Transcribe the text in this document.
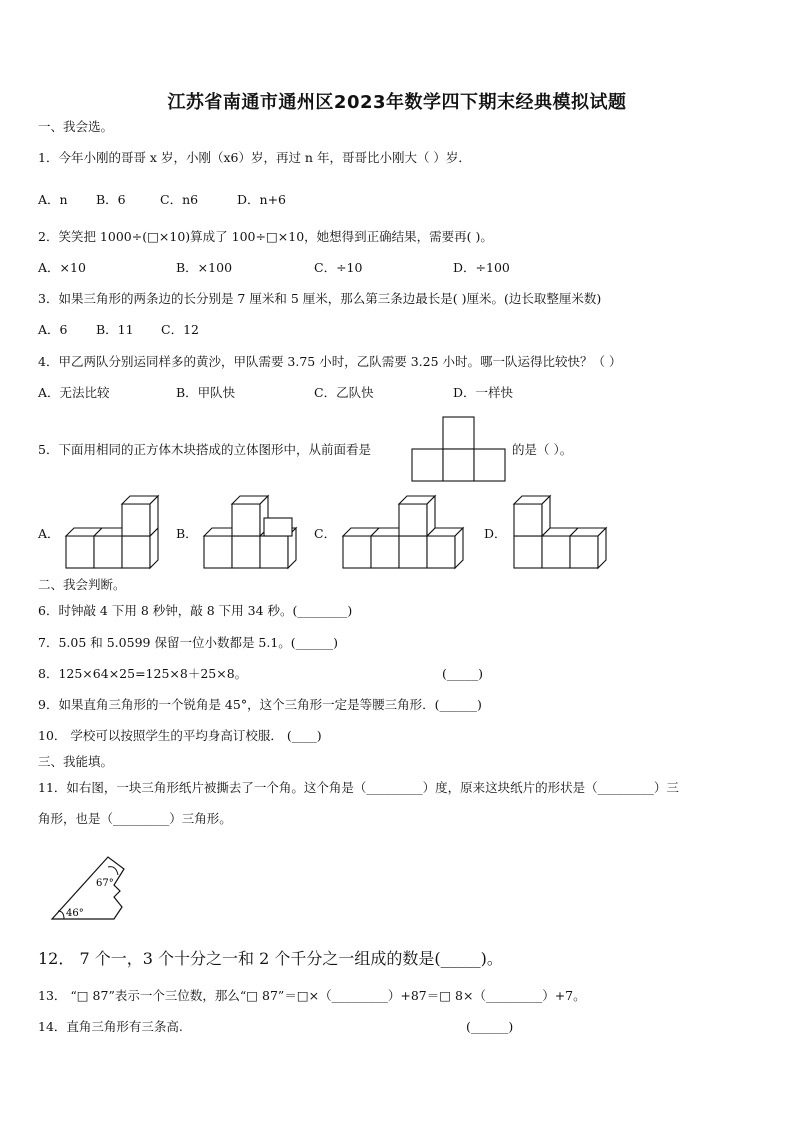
江苏省南通市通州区2023年数学四下期末经典模拟试题
一、我会选。
1．今年小刚的哥哥 x 岁，小刚（x6）岁，再过 n 年，哥哥比小刚大（ ）岁．
A．n B．6	C．n6	D．n+6
2．笑笑把 1000÷(□×10)算成了 100÷□×10，她想得到正确结果，需要再( )。
A．×10	B．×100	C．÷10	D．÷100
3．如果三角形的两条边的长分别是 7 厘米和 5 厘米，那么第三条边最长是( )厘米。(边长取整厘米数)
A．6 B．11 C．12
4．甲乙两队分别运同样多的黄沙，甲队需要 3.75 小时，乙队需要 3.25 小时。哪一队运得比较快？（ ）
A．无法比较	B．甲队快	C．乙队快	D．一样快
5．下面用相同的正方体木块搭成的立体图形中，从前面看是	的是（ ）。
A．	B．	C．	D．
二、我会判断。
6．时钟敲 4 下用 8 秒钟，敲 8 下用 34 秒。(________)
7．5.05 和 5.0599 保留一位小数都是 5.1。(______)
8．125×64×25=125×8＋25×8。	(_____)
9．如果直角三角形的一个锐角是 45°，这个三角形一定是等腰三角形．(______)
10． 学校可以按照学生的平均身高订校服． (____)
三、我能填。
11．如右图，一块三角形纸片被撕去了一个角。这个角是（_________）度，原来这块纸片的形状是（_________）三
角形，也是（_________）三角形。
67°
46°
12． 7 个一，3 个十分之一和 2 个千分之一组成的数是(_____)。
13． “□ 87”表示一个三位数，那么“□ 87”＝□×（_________）+87＝□ 8×（_________）+7。
14．直角三角形有三条高.	(______)
